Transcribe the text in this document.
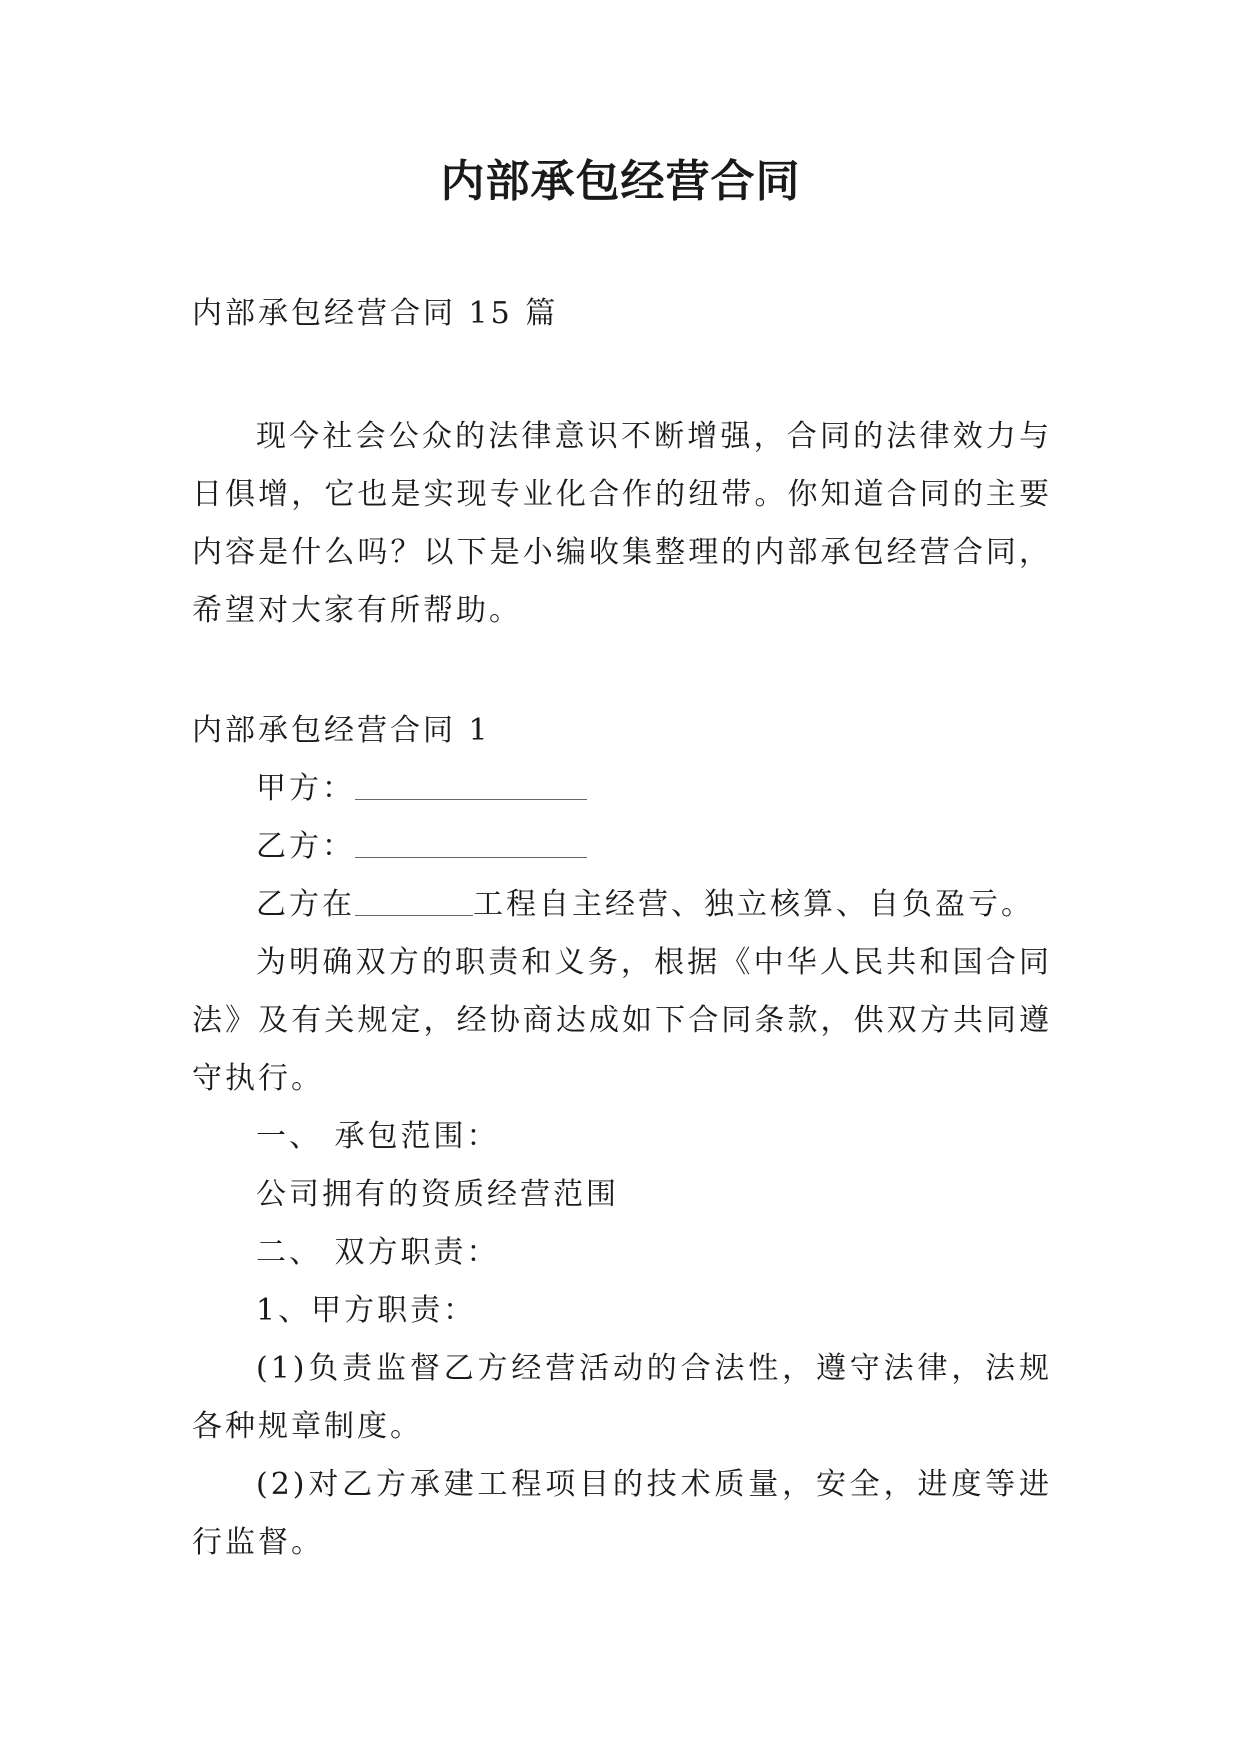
内部承包经营合同

内部承包经营合同 15 篇

现今社会公众的法律意识不断增强，合同的法律效力与日俱增，它也是实现专业化合作的纽带。你知道合同的主要内容是什么吗？以下是小编收集整理的内部承包经营合同，希望对大家有所帮助。

内部承包经营合同 1

甲方：

乙方：

乙方在	工程自主经营、独立核算、自负盈亏。

为明确双方的职责和义务，根据《中华人民共和国合同法》及有关规定，经协商达成如下合同条款，供双方共同遵守执行。

一、 承包范围：

公司拥有的资质经营范围

二、 双方职责：

1、甲方职责：

(1)负责监督乙方经营活动的合法性，遵守法律，法规各种规章制度。

(2)对乙方承建工程项目的技术质量，安全，进度等进行监督。
